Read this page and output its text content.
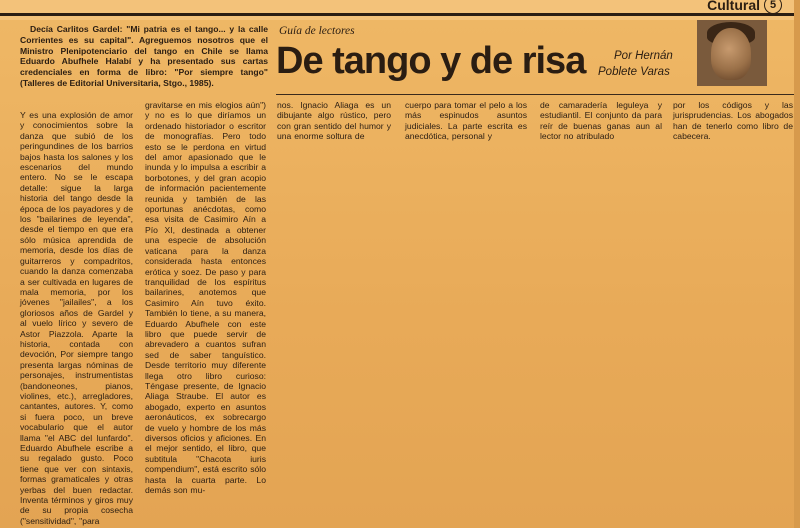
Cultural 5
Decía Carlitos Gardel: "Mi patria es el tango... y la calle Corrientes es su capital". Agreguemos nosotros que el Ministro Plenipotenciario del tango en Chile se llama Eduardo Abufhele Halabí y ha presentado sus cartas credenciales en forma de libro: "Por siempre tango" (Talleres de Editorial Universitaria, Stgo., 1985).
Guía de lectores
De tango y de risa Por Hernán
Poblete Varas
Y es una explosión de amor y conocimientos sobre la danza que subió de los peringundines de los barrios bajos hasta los salones y los escenarios del mundo entero. No se le escapa detalle: sigue la larga historia del tango desde la época de los payadores y de los "bailarines de leyenda", desde el tiempo en que era sólo música aprendida de memoria, desde los días de guitarreros y compadritos, cuando la danza comenzaba a ser cultivada en lugares de mala memoria, por los jóvenes "jailailes", a los gloriosos años de Gardel y al vuelo lírico y severo de Astor Piazzola. Aparte la historia, contada con devoción, Por siempre tango presenta largas nóminas de personajes, instrumentistas (bandoneones, pianos, violines, etc.), arregladores, cantantes, autores. Y, como si fuera poco, un breve vocabulario que el autor llama "el ABC del lunfardo". Eduardo Abufhele escribe a su regalado gusto. Poco tiene que ver con sintaxis, formas gramaticales y otras yerbas del buen redactar. Inventa términos y giros muy de su propia cosecha ("sensitividad", "para
gravitarse en mis elogios aún") y no es lo que diríamos un ordenado historiador o escritor de monografías. Pero todo esto se le perdona en virtud del amor apasionado que le inunda y lo impulsa a escribir a borbotones, y del gran acopio de información pacientemente reunida y también de las oportunas anécdotas, como esa visita de Casimiro Aín a Pío XI, destinada a obtener una especie de absolución vaticana para la danza considerada hasta entonces erótica y soez. De paso y para tranquilidad de los espíritus bailarines, anotemos que Casimiro Aín tuvo éxito. También lo tiene, a su manera, Eduardo Abufhele con este libro que puede servir de abrevadero a cuantos sufran sed de saber tanguístico. Desde territorio muy diferente llega otro libro curioso: Téngase presente, de Ignacio Aliaga Straube. El autor es abogado, experto en asuntos aeronáuticos, ex sobrecargo de vuelo y hombre de los más diversos oficios y aficiones. En el mejor sentido, el libro, que subtitula "Chacota iuris compendium", está escrito sólo hasta la cuarta parte. Lo demás son mu-
nos. Ignacio Aliaga es un dibujante algo rústico, pero con gran sentido del humor y una enorme soltura de
cuerpo para tomar el pelo a los más espinudos asuntos judiciales. La parte escrita es anecdótica, personal y
de camaradería leguleya y estudiantil. El conjunto da para reír de buenas ganas aun al lector no atribulado
por los códigos y las jurisprudencias. Los abogados han de tenerlo como libro de cabecera.
